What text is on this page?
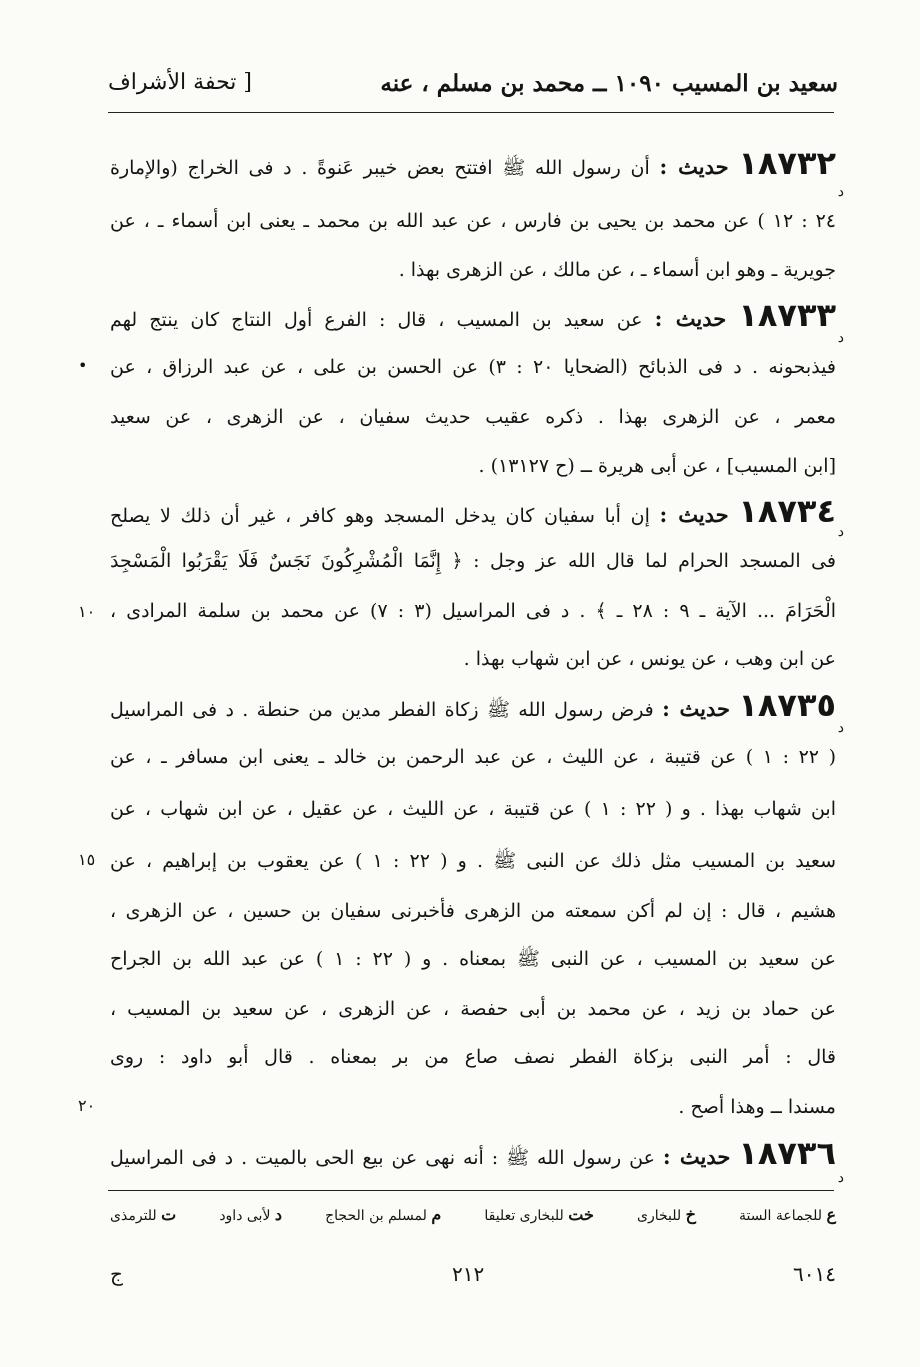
سعيد بن المسيب ١٠٩٠ ــ محمد بن مسلم ، عنه
[ تحفة الأشراف
١٨٧٣٢ حديث : أن رسول الله ﷺ افتتح بعض خيبر عَنوةً . د فى الخراج (والإمارة
د
٢٤ : ١٢ ) عن محمد بن يحيى بن فارس ، عن عبد الله بن محمد ـ يعنى ابن أسماء ـ ، عن
جويرية ـ وهو ابن أسماء ـ ، عن مالك ، عن الزهرى بهذا .
١٨٧٣٣ حديث : عن سعيد بن المسيب ، قال : الفرع أول النتاج كان ينتج لهم
د
فيذبحونه . د فى الذبائح (الضحايا ٢٠ : ٣) عن الحسن بن على ، عن عبد الرزاق ، عن
•
معمر ، عن الزهرى بهذا . ذكره عقيب حديث سفيان ، عن الزهرى ، عن سعيد
[ابن المسيب] ، عن أبى هريرة ــ (ح ١٣١٢٧) .
١٨٧٣٤ حديث : إن أبا سفيان كان يدخل المسجد وهو كافر ، غير أن ذلك لا يصلح
د
فى المسجد الحرام لما قال الله عز وجل : ﴿ إِنَّمَا الْمُشْرِكُونَ نَجَسٌ فَلَا يَقْرَبُوا الْمَسْجِدَ
الْحَرَامَ ... الآية ـ ٩ : ٢٨ ـ ﴾ . د فى المراسيل (٣ : ٧) عن محمد بن سلمة المرادى ،
١٠
عن ابن وهب ، عن يونس ، عن ابن شهاب بهذا .
١٨٧٣٥ حديث : فرض رسول الله ﷺ زكاة الفطر مدين من حنطة . د فى المراسيل
د
( ٢٢ : ١ ) عن قتيبة ، عن الليث ، عن عبد الرحمن بن خالد ـ يعنى ابن مسافر ـ ، عن
ابن شهاب بهذا . و ( ٢٢ : ١ ) عن قتيبة ، عن الليث ، عن عقيل ، عن ابن شهاب ، عن
سعيد بن المسيب مثل ذلك عن النبى ﷺ . و ( ٢٢ : ١ ) عن يعقوب بن إبراهيم ، عن
١٥
هشيم ، قال : إن لم أكن سمعته من الزهرى فأخبرنى سفيان بن حسين ، عن الزهرى ،
عن سعيد بن المسيب ، عن النبى ﷺ بمعناه . و ( ٢٢ : ١ ) عن عبد الله بن الجراح
عن حماد بن زيد ، عن محمد بن أبى حفصة ، عن الزهرى ، عن سعيد بن المسيب ،
قال : أمر النبى بزكاة الفطر نصف صاع من بر بمعناه . قال أبو داود : روى
مسندا ــ وهذا أصح .
٢٠
١٨٧٣٦ حديث : عن رسول الله ﷺ : أنه نهى عن بيع الحى بالميت . د فى المراسيل
د
ع للجماعة الستة
خ للبخارى
خت للبخارى تعليقا
م لمسلم بن الحجاج
د لأبى داود
ت للترمذى
٦٠١٤
٢١٢
ج
